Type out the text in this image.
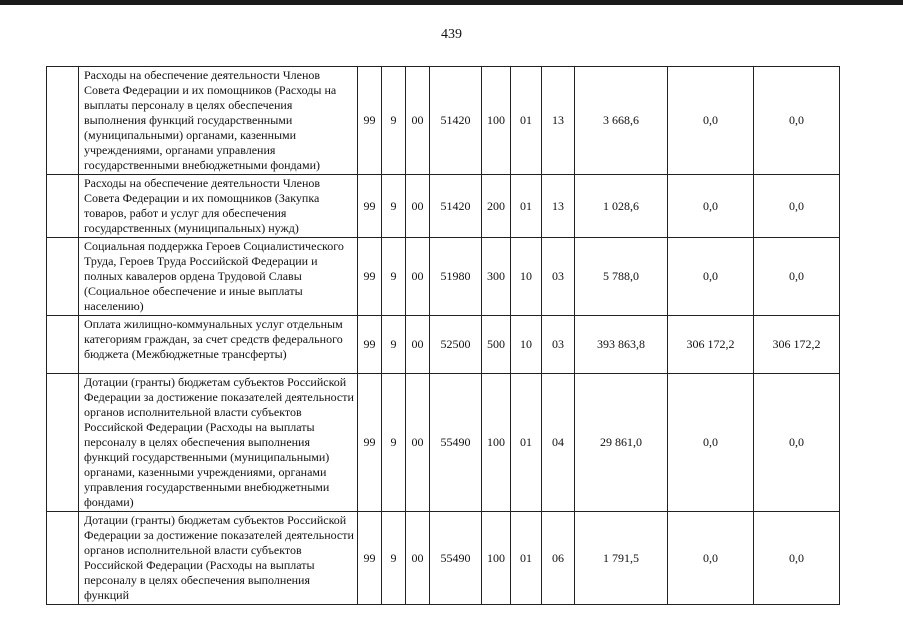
439
	Расходы на обеспечение деятельности Членов Совета Федерации и их помощников (Расходы на выплаты персоналу в целях обеспечения выполнения функций государственными (муниципальными) органами, казенными учреждениями, органами управления государственными внебюджетными фондами)	99	9	00	51420	100	01	13	3 668,6	0,0	0,0
	Расходы на обеспечение деятельности Членов Совета Федерации и их помощников (Закупка товаров, работ и услуг для обеспечения государственных (муниципальных) нужд)	99	9	00	51420	200	01	13	1 028,6	0,0	0,0
	Социальная поддержка Героев Социалистического Труда, Героев Труда Российской Федерации и полных кавалеров ордена Трудовой Славы (Социальное обеспечение и иные выплаты населению)	99	9	00	51980	300	10	03	5 788,0	0,0	0,0
	Оплата жилищно-коммунальных услуг отдельным категориям граждан, за счет средств федерального бюджета (Межбюджетные трансферты)	99	9	00	52500	500	10	03	393 863,8	306 172,2	306 172,2
	Дотации (гранты) бюджетам субъектов Российской Федерации за достижение показателей деятельности органов исполнительной власти субъектов Российской Федерации (Расходы на выплаты персоналу в целях обеспечения выполнения функций государственными (муниципальными) органами, казенными учреждениями, органами управления государственными внебюджетными фондами)	99	9	00	55490	100	01	04	29 861,0	0,0	0,0
	Дотации (гранты) бюджетам субъектов Российской Федерации за достижение показателей деятельности органов исполнительной власти субъектов Российской Федерации (Расходы на выплаты персоналу в целях обеспечения выполнения функций	99	9	00	55490	100	01	06	1 791,5	0,0	0,0
